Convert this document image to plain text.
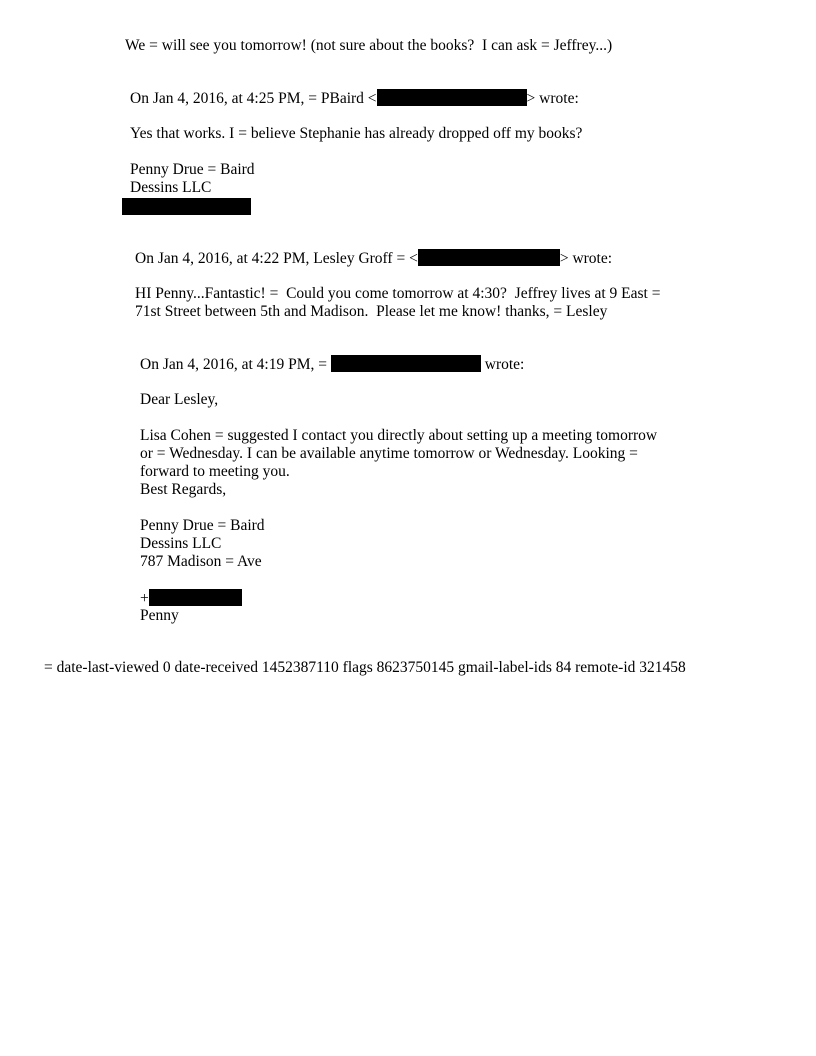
We = will see you tomorrow! (not sure about the books?  I can ask = Jeffrey...)
On Jan 4, 2016, at 4:25 PM, = PBaird <	> wrote:
Yes that works. I = believe Stephanie has already dropped off my books?
Penny Drue = Baird
Dessins LLC
On Jan 4, 2016, at 4:22 PM, Lesley Groff = <	> wrote:
HI Penny...Fantastic! =  Could you come tomorrow at 4:30?  Jeffrey lives at 9 East =
71st Street between 5th and Madison.  Please let me know! thanks, = Lesley
On Jan 4, 2016, at 4:19 PM, =	wrote:
Dear Lesley,
Lisa Cohen = suggested I contact you directly about setting up a meeting tomorrow
or = Wednesday. I can be available anytime tomorrow or Wednesday. Looking =
forward to meeting you.
Best Regards,
Penny Drue = Baird
Dessins LLC
787 Madison = Ave
+
Penny
= date-last-viewed 0 date-received 1452387110 flags 8623750145 gmail-label-ids 84 remote-id 321458
